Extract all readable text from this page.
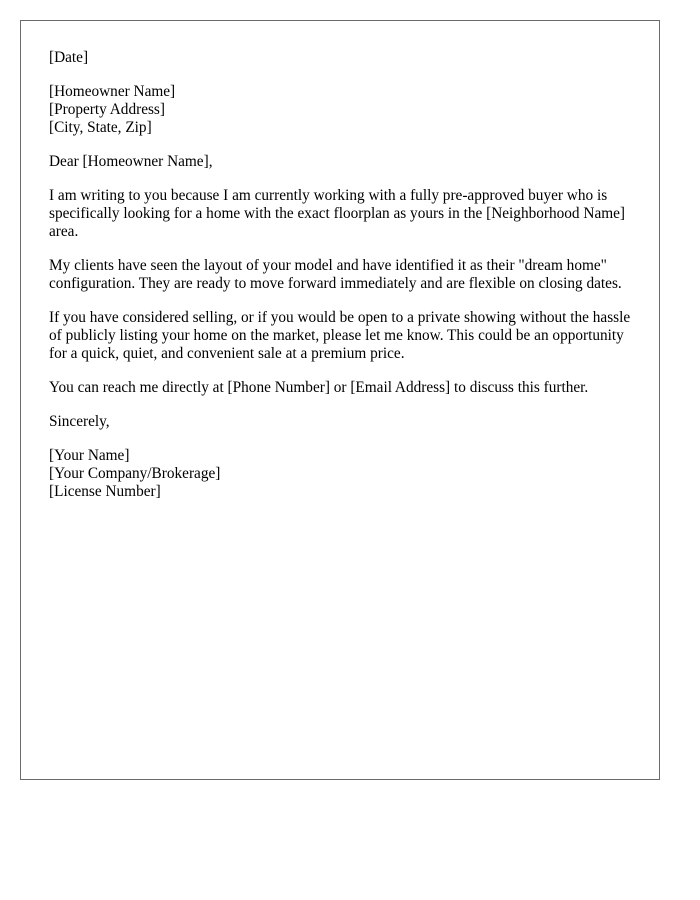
[Date]
[Homeowner Name]
[Property Address]
[City, State, Zip]

Dear [Homeowner Name],

I am writing to you because I am currently working with a fully pre-approved buyer who is specifically looking for a home with the exact floorplan as yours in the [Neighborhood Name] area.

My clients have seen the layout of your model and have identified it as their "dream home" configuration. They are ready to move forward immediately and are flexible on closing dates.

If you have considered selling, or if you would be open to a private showing without the hassle of publicly listing your home on the market, please let me know. This could be an opportunity for a quick, quiet, and convenient sale at a premium price.

You can reach me directly at [Phone Number] or [Email Address] to discuss this further.

Sincerely,

[Your Name]
[Your Company/Brokerage]
[License Number]
